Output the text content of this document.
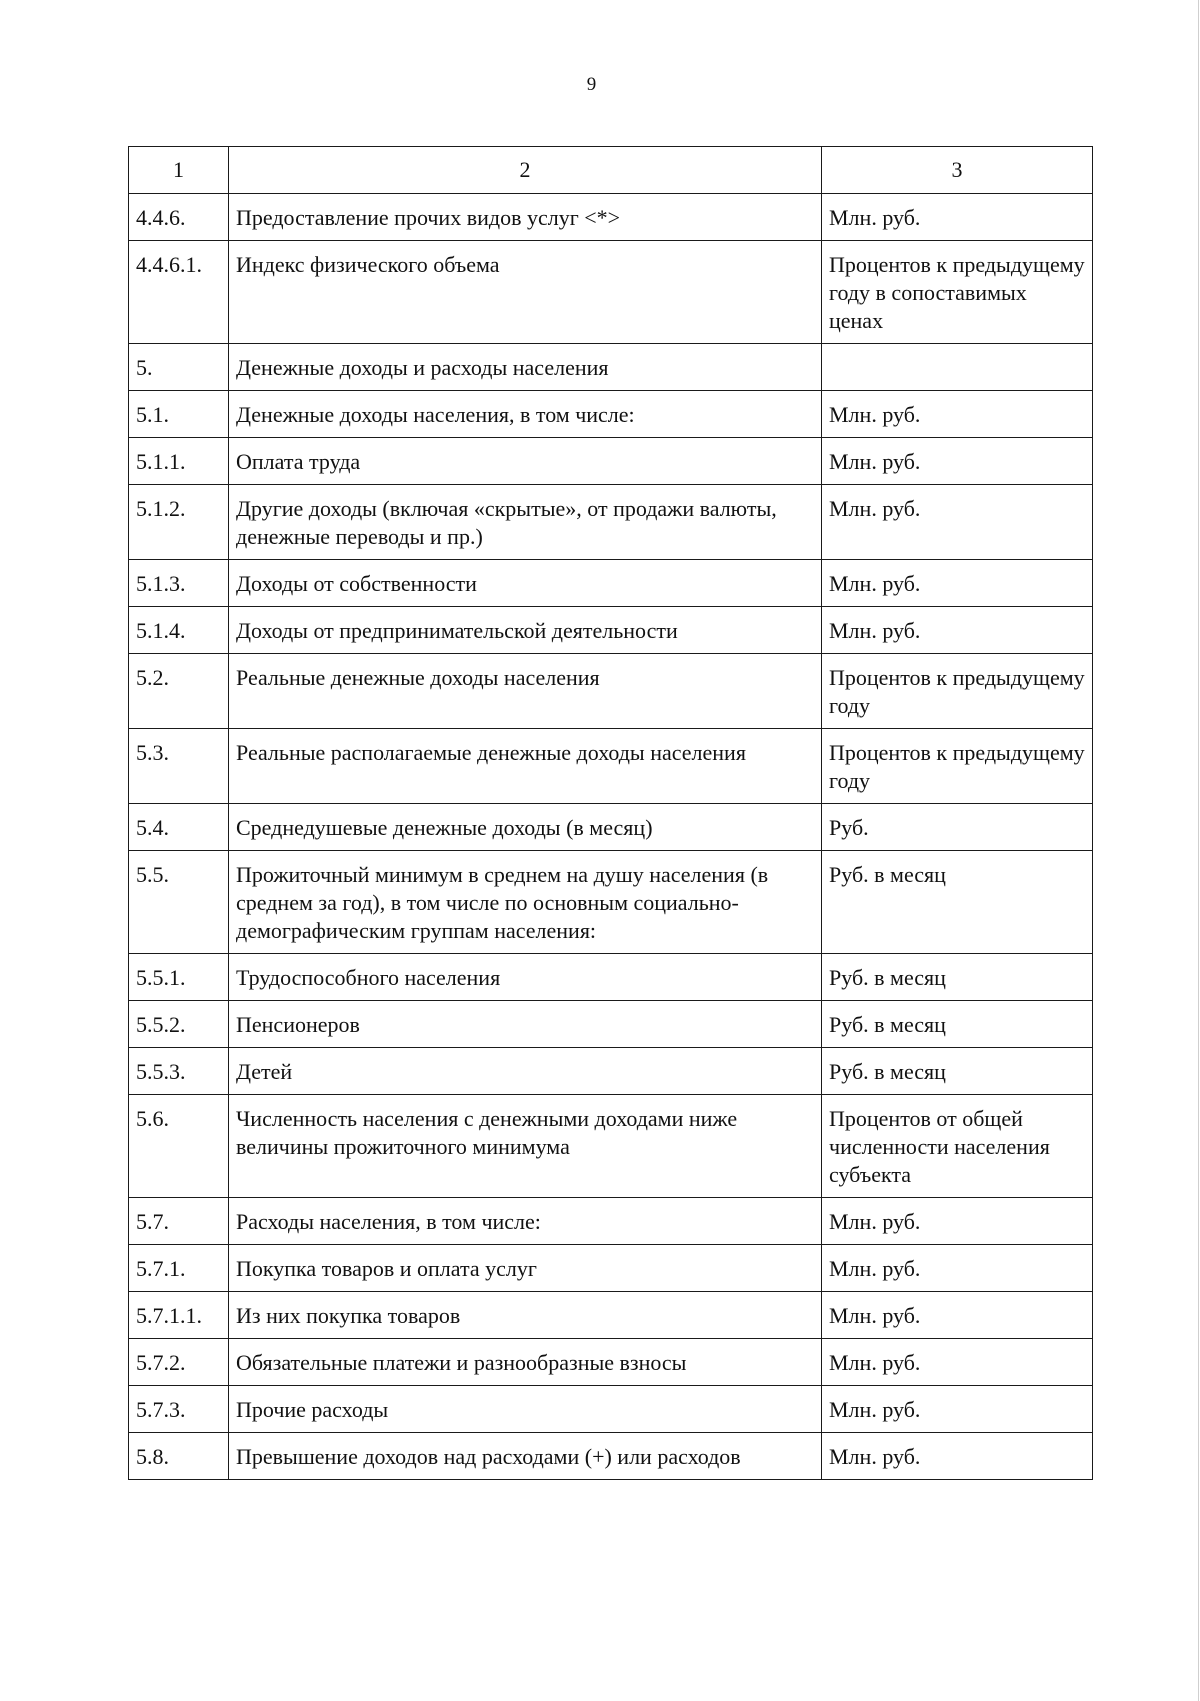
9
1	2	3
4.4.6.	Предоставление прочих видов услуг <*>	Млн. руб.
4.4.6.1.	Индекс физического объема	Процентов к предыдущему году в сопоставимых ценах
5.	Денежные доходы и расходы населения	
5.1.	Денежные доходы населения, в том числе:	Млн. руб.
5.1.1.	Оплата труда	Млн. руб.
5.1.2.	Другие доходы (включая «скрытые», от продажи валюты, денежные переводы и пр.)	Млн. руб.
5.1.3.	Доходы от собственности	Млн. руб.
5.1.4.	Доходы от предпринимательской деятельности	Млн. руб.
5.2.	Реальные денежные доходы населения	Процентов к предыдущему году
5.3.	Реальные располагаемые денежные доходы населения	Процентов к предыдущему году
5.4.	Среднедушевые денежные доходы (в месяц)	Руб.
5.5.	Прожиточный минимум в среднем на душу населения (в среднем за год), в том числе по основным социально-демографическим группам населения:	Руб. в месяц
5.5.1.	Трудоспособного населения	Руб. в месяц
5.5.2.	Пенсионеров	Руб. в месяц
5.5.3.	Детей	Руб. в месяц
5.6.	Численность населения с денежными доходами ниже величины прожиточного минимума	Процентов от общей численности населения субъекта
5.7.	Расходы населения, в том числе:	Млн. руб.
5.7.1.	Покупка товаров и оплата услуг	Млн. руб.
5.7.1.1.	Из них покупка товаров	Млн. руб.
5.7.2.	Обязательные платежи и разнообразные взносы	Млн. руб.
5.7.3.	Прочие расходы	Млн. руб.
5.8.	Превышение доходов над расходами (+) или расходов	Млн. руб.
